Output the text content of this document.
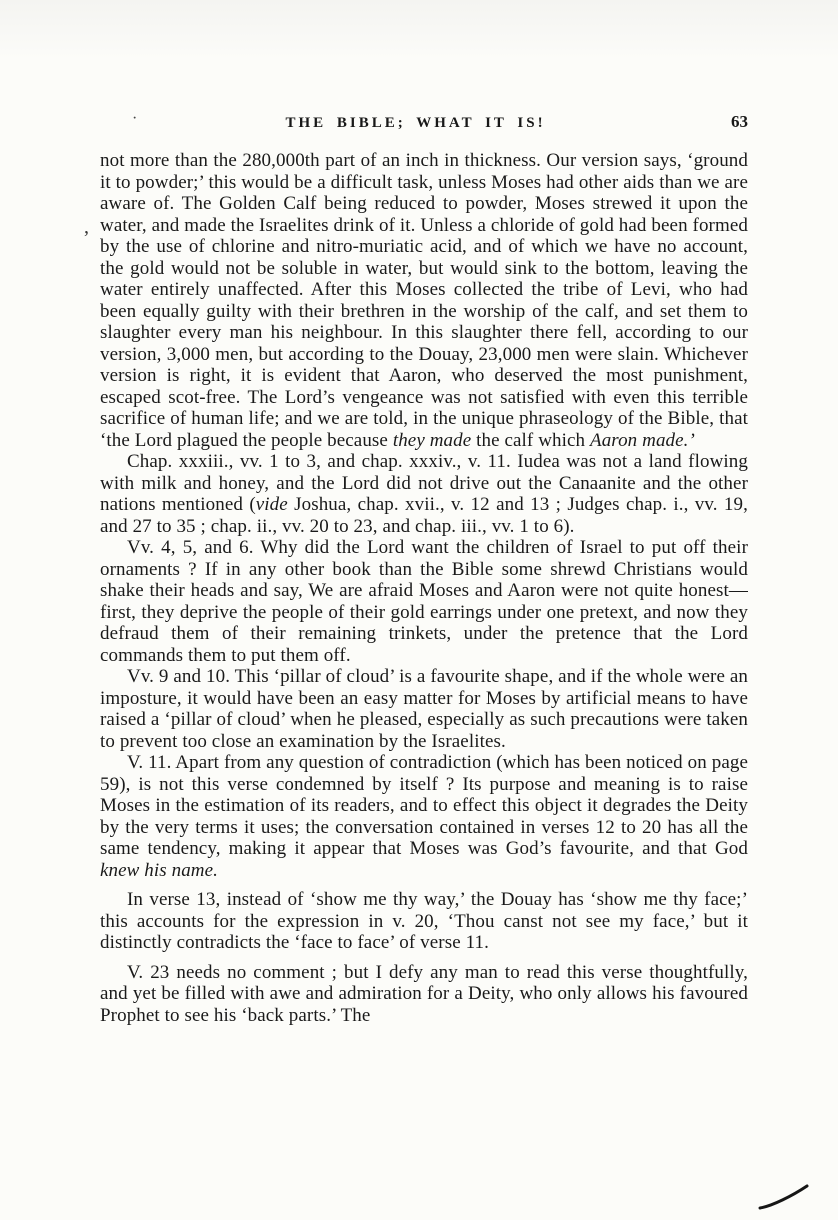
·	THE BIBLE; WHAT IT IS!	63
,

not more than the 280,000th part of an inch in thickness. Our version says, ‘ground it to powder;’ this would be a difficult task, unless Moses had other aids than we are aware of. The Golden Calf being reduced to powder, Moses strewed it upon the water, and made the Israelites drink of it. Unless a chloride of gold had been formed by the use of chlorine and nitro-muriatic acid, and of which we have no account, the gold would not be soluble in water, but would sink to the bottom, leaving the water entirely unaffected. After this Moses collected the tribe of Levi, who had been equally guilty with their brethren in the worship of the calf, and set them to slaughter every man his neighbour. In this slaughter there fell, according to our version, 3,000 men, but according to the Douay, 23,000 men were slain. Whichever version is right, it is evident that Aaron, who deserved the most punishment, escaped scot-free. The Lord’s vengeance was not satisfied with even this terrible sacrifice of human life; and we are told, in the unique phraseology of the Bible, that ‘the Lord plagued the people because they made the calf which Aaron made.’

Chap. xxxiii., vv. 1 to 3, and chap. xxxiv., v. 11. Iudea was not a land flowing with milk and honey, and the Lord did not drive out the Canaanite and the other nations mentioned (vide Joshua, chap. xvii., v. 12 and 13 ; Judges chap. i., vv. 19, and 27 to 35 ; chap. ii., vv. 20 to 23, and chap. iii., vv. 1 to 6).

Vv. 4, 5, and 6. Why did the Lord want the children of Israel to put off their ornaments ? If in any other book than the Bible some shrewd Christians would shake their heads and say, We are afraid Moses and Aaron were not quite honest—first, they deprive the people of their gold earrings under one pretext, and now they defraud them of their remaining trinkets, under the pretence that the Lord commands them to put them off.

Vv. 9 and 10. This ‘pillar of cloud’ is a favourite shape, and if the whole were an imposture, it would have been an easy matter for Moses by artificial means to have raised a ‘pillar of cloud’ when he pleased, especially as such precautions were taken to prevent too close an examination by the Israelites.

V. 11. Apart from any question of contradiction (which has been noticed on page 59), is not this verse condemned by itself ? Its purpose and meaning is to raise Moses in the estimation of its readers, and to effect this object it degrades the Deity by the very terms it uses; the conversation contained in verses 12 to 20 has all the same tendency, making it appear that Moses was God’s favourite, and that God knew his name.

In verse 13, instead of ‘show me thy way,’ the Douay has ‘show me thy face;’ this accounts for the expression in v. 20, ‘Thou canst not see my face,’ but it distinctly contradicts the ‘face to face’ of verse 11.

V. 23 needs no comment ; but I defy any man to read this verse thoughtfully, and yet be filled with awe and admiration for a Deity, who only allows his favoured Prophet to see his ‘back parts.’ The
